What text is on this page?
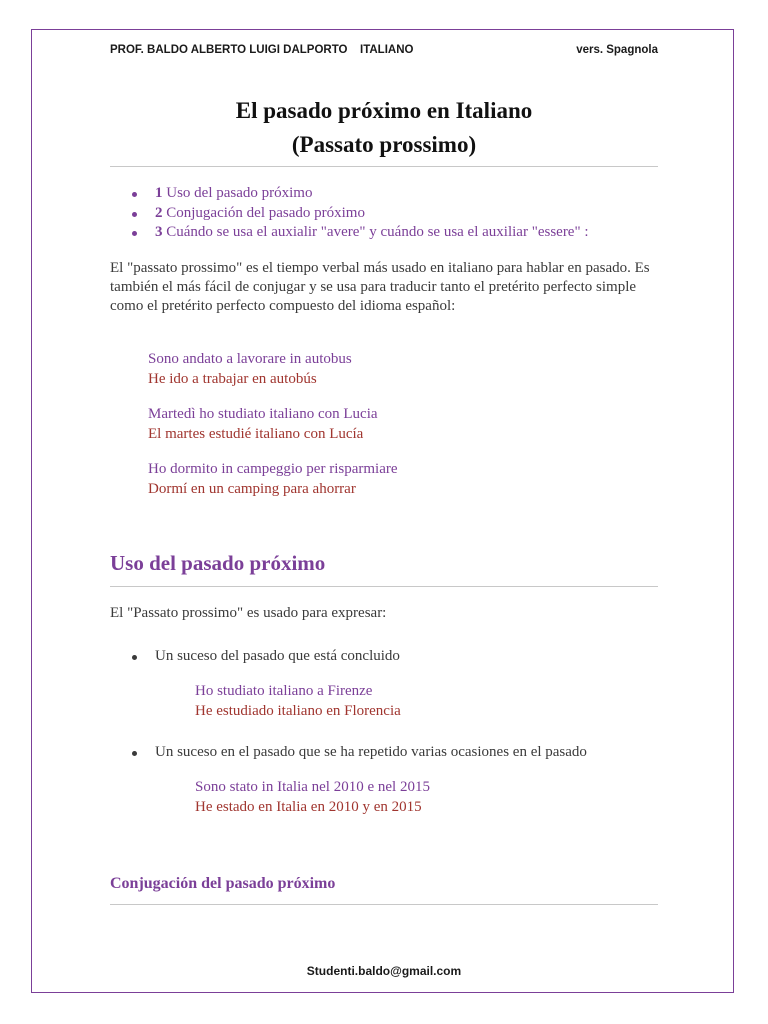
PROF. BALDO ALBERTO LUIGI DALPORTO ITALIANO	vers. Spagnola
El pasado próximo en Italiano
(Passato prossimo)
1 Uso del pasado próximo
2 Conjugación del pasado próximo
3 Cuándo se usa el auxialir "avere" y cuándo se usa el auxiliar "essere" :

El "passato prossimo" es el tiempo verbal más usado en italiano para hablar en pasado. Es también el más fácil de conjugar y se usa para traducir tanto el pretérito perfecto simple como el pretérito perfecto compuesto del idioma español:

Sono andato a lavorare in autobus
He ido a trabajar en autobús
Martedì ho studiato italiano con Lucia
El martes estudié italiano con Lucía
Ho dormito in campeggio per risparmiare
Dormí en un camping para ahorrar
Uso del pasado próximo

El "Passato prossimo" es usado para expresar:

Un suceso del pasado que está concluido
Ho studiato italiano a Firenze
He estudiado italiano en Florencia
Un suceso en el pasado que se ha repetido varias ocasiones en el pasado
Sono stato in Italia nel 2010 e nel 2015
He estado en Italia en 2010 y en 2015
Conjugación del pasado próximo
Studenti.baldo@gmail.com
